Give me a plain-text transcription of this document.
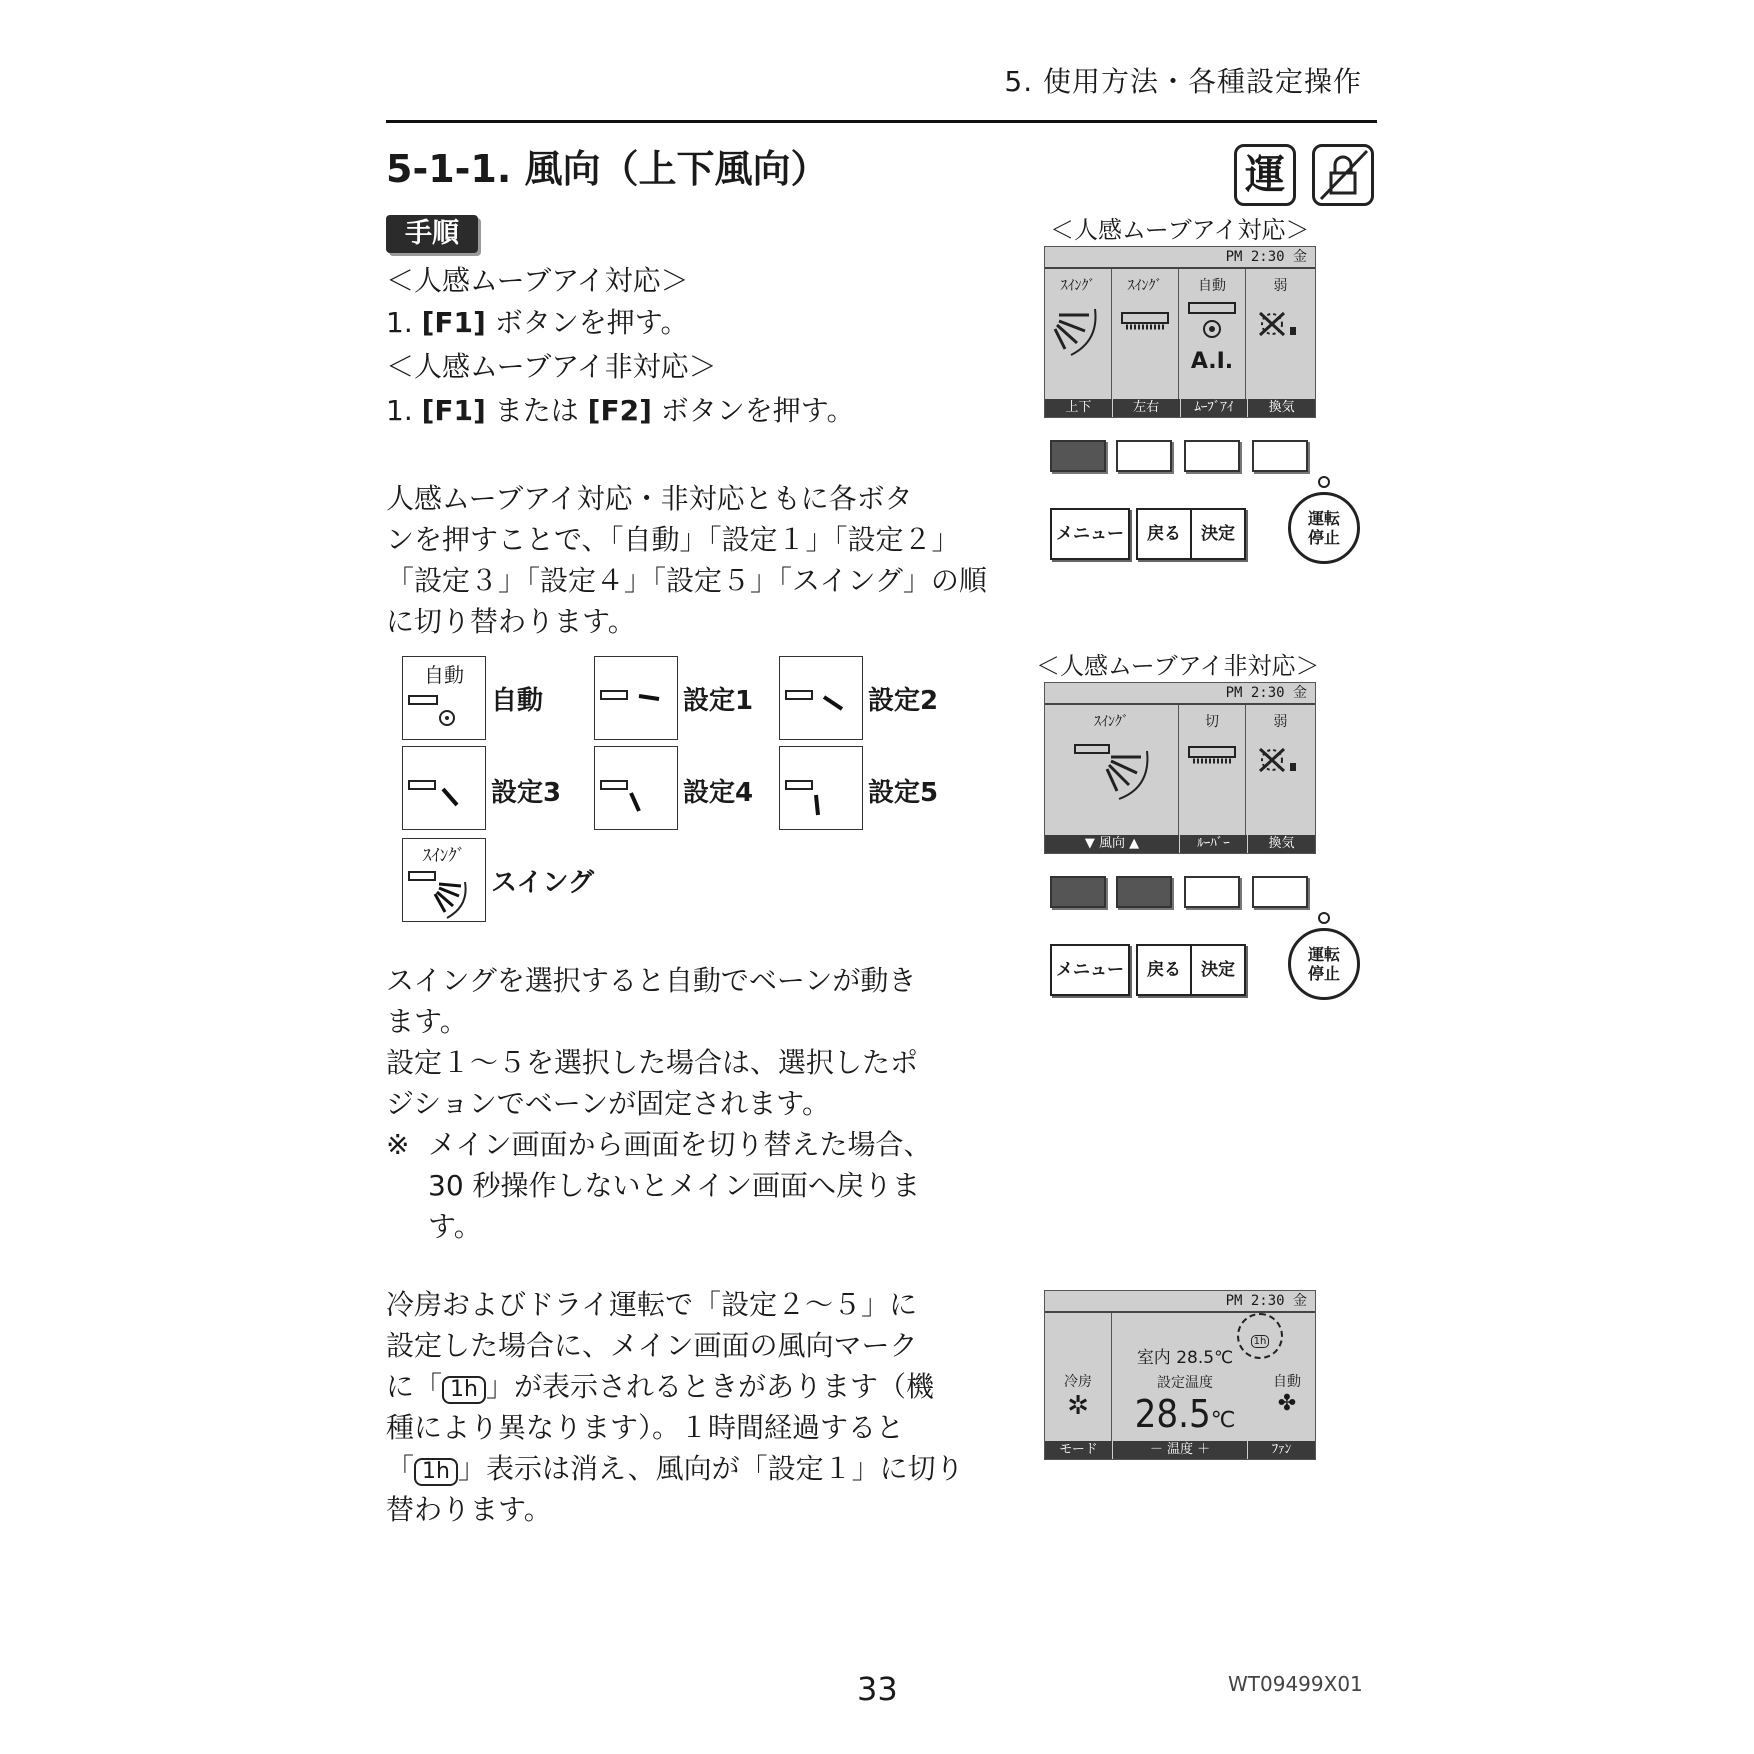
5. 使用方法・各種設定操作
5-1-1. 風向（上下風向）	運
手順
＜人感ムーブアイ対応＞
1. [F1] ボタンを押す。
＜人感ムーブアイ非対応＞
1. [F1] または [F2] ボタンを押す。
人感ムーブアイ対応・非対応ともに各ボタ
ンを押すことで、「自動」「設定１」「設定２」
「設定３」「設定４」「設定５」「スイング」の順
に切り替わります。
自動
自動	設定1	設定2
設定3	設定4	設定5
ｽｲﾝｸﾞ
スイング
スイングを選択すると自動でベーンが動き
ます。
設定１～５を選択した場合は、選択したポ
ジションでベーンが固定されます。
※ メイン画面から画面を切り替えた場合、
30 秒操作しないとメイン画面へ戻りま
す。
冷房およびドライ運転で「設定２～５」に
設定した場合に、メイン画面の風向マーク
に「 1h 」が表示されるときがあります（機
種により異なります）。１時間経過すると
「 1h 」表示は消え、風向が「設定１」に切り
替わります。
＜人感ムーブアイ対応＞
PM 2:30 金
ｽｲﾝｸﾞ	ｽｲﾝｸﾞ	自動
A.I.
弱
上下	左右	ﾑｰﾌﾞｱｲ	換気
メニュー	戻る	決定
運転
停止
＜人感ムーブアイ非対応＞
PM 2:30 金
ｽｲﾝｸﾞ	切	弱
▼ 風向 ▲	ﾙｰﾊﾞｰ	換気
メニュー	戻る	決定
運転
停止
PM 2:30 金
冷房
✲
室内 28.5℃
設定温度
28.5℃
1h
自動
✤
モード	－ 温度 ＋	ﾌｧﾝ
33	WT09499X01
